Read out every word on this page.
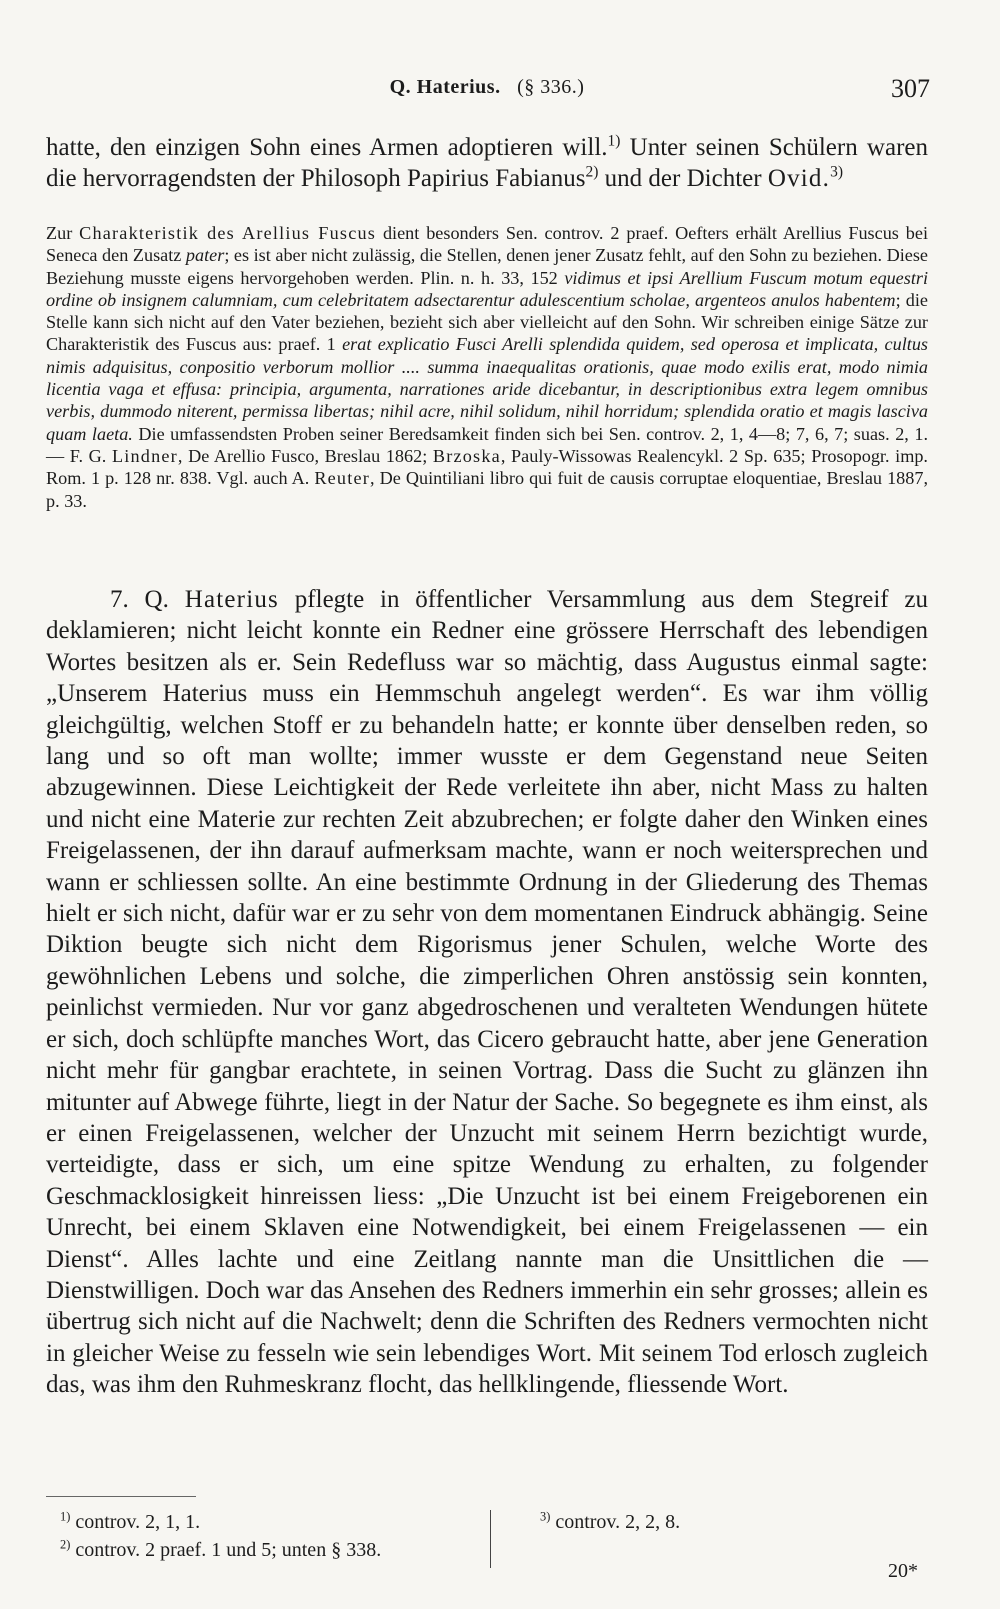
Q. Haterius. (§ 336.)	307

hatte, den einzigen Sohn eines Armen adoptieren will.$^{1)}$ Unter seinen Schülern waren die hervorragendsten der Philosoph Papirius Fabianus$^{2)}$ und der Dichter Ovid.$^{3)}$

Zur Charakteristik des Arellius Fuscus dient besonders Sen. controv. 2 praef. Oefters erhält Arellius Fuscus bei Seneca den Zusatz pater; es ist aber nicht zulässig, die Stellen, denen jener Zusatz fehlt, auf den Sohn zu beziehen. Diese Beziehung musste eigens hervorgehoben werden. Plin. n. h. 33, 152 vidimus et ipsi Arellium Fuscum motum equestri ordine ob insignem calumniam, cum celebritatem adsectarentur adulescentium scholae, argenteos anulos habentem; die Stelle kann sich nicht auf den Vater beziehen, bezieht sich aber vielleicht auf den Sohn. Wir schreiben einige Sätze zur Charakteristik des Fuscus aus: praef. 1 erat explicatio Fusci Arelli splendida quidem, sed operosa et implicata, cultus nimis adquisitus, conpositio verborum mollior .... summa inaequalitas orationis, quae modo exilis erat, modo nimia licentia vaga et effusa: principia, argumenta, narrationes aride dicebantur, in descriptionibus extra legem omnibus verbis, dummodo niterent, permissa libertas; nihil acre, nihil solidum, nihil horridum; splendida oratio et magis lasciva quam laeta. Die umfassendsten Proben seiner Beredsamkeit finden sich bei Sen. controv. 2, 1, 4—8; 7, 6, 7; suas. 2, 1. — F. G. Lindner, De Arellio Fusco, Breslau 1862; Brzoska, Pauly-Wissowas Realencykl. 2 Sp. 635; Prosopogr. imp. Rom. 1 p. 128 nr. 838. Vgl. auch A. Reuter, De Quintiliani libro qui fuit de causis corruptae eloquentiae, Breslau 1887, p. 33.

7. Q. Haterius pflegte in öffentlicher Versammlung aus dem Stegreif zu deklamieren; nicht leicht konnte ein Redner eine grössere Herrschaft des lebendigen Wortes besitzen als er. Sein Redefluss war so mächtig, dass Augustus einmal sagte: „Unserem Haterius muss ein Hemmschuh angelegt werden“. Es war ihm völlig gleichgültig, welchen Stoff er zu behandeln hatte; er konnte über denselben reden, so lang und so oft man wollte; immer wusste er dem Gegenstand neue Seiten abzugewinnen. Diese Leichtigkeit der Rede verleitete ihn aber, nicht Mass zu halten und nicht eine Materie zur rechten Zeit abzubrechen; er folgte daher den Winken eines Freigelassenen, der ihn darauf aufmerksam machte, wann er noch weitersprechen und wann er schliessen sollte. An eine bestimmte Ordnung in der Gliederung des Themas hielt er sich nicht, dafür war er zu sehr von dem momentanen Eindruck abhängig. Seine Diktion beugte sich nicht dem Rigorismus jener Schulen, welche Worte des gewöhnlichen Lebens und solche, die zimperlichen Ohren anstössig sein konnten, peinlichst vermieden. Nur vor ganz abgedroschenen und veralteten Wendungen hütete er sich, doch schlüpfte manches Wort, das Cicero gebraucht hatte, aber jene Generation nicht mehr für gangbar erachtete, in seinen Vortrag. Dass die Sucht zu glänzen ihn mitunter auf Abwege führte, liegt in der Natur der Sache. So begegnete es ihm einst, als er einen Freigelassenen, welcher der Unzucht mit seinem Herrn bezichtigt wurde, verteidigte, dass er sich, um eine spitze Wendung zu erhalten, zu folgender Geschmacklosigkeit hinreissen liess: „Die Unzucht ist bei einem Freigeborenen ein Unrecht, bei einem Sklaven eine Notwendigkeit, bei einem Freigelassenen — ein Dienst“. Alles lachte und eine Zeitlang nannte man die Unsittlichen die — Dienstwilligen. Doch war das Ansehen des Redners immerhin ein sehr grosses; allein es übertrug sich nicht auf die Nachwelt; denn die Schriften des Redners vermochten nicht in gleicher Weise zu fesseln wie sein lebendiges Wort. Mit seinem Tod erlosch zugleich das, was ihm den Ruhmeskranz flocht, das hellklingende, fliessende Wort.

$^{1)}$ controv. 2, 1, 1.
$^{2)}$ controv. 2 praef. 1 und 5; unten § 338.
$^{3)}$ controv. 2, 2, 8.
20*
